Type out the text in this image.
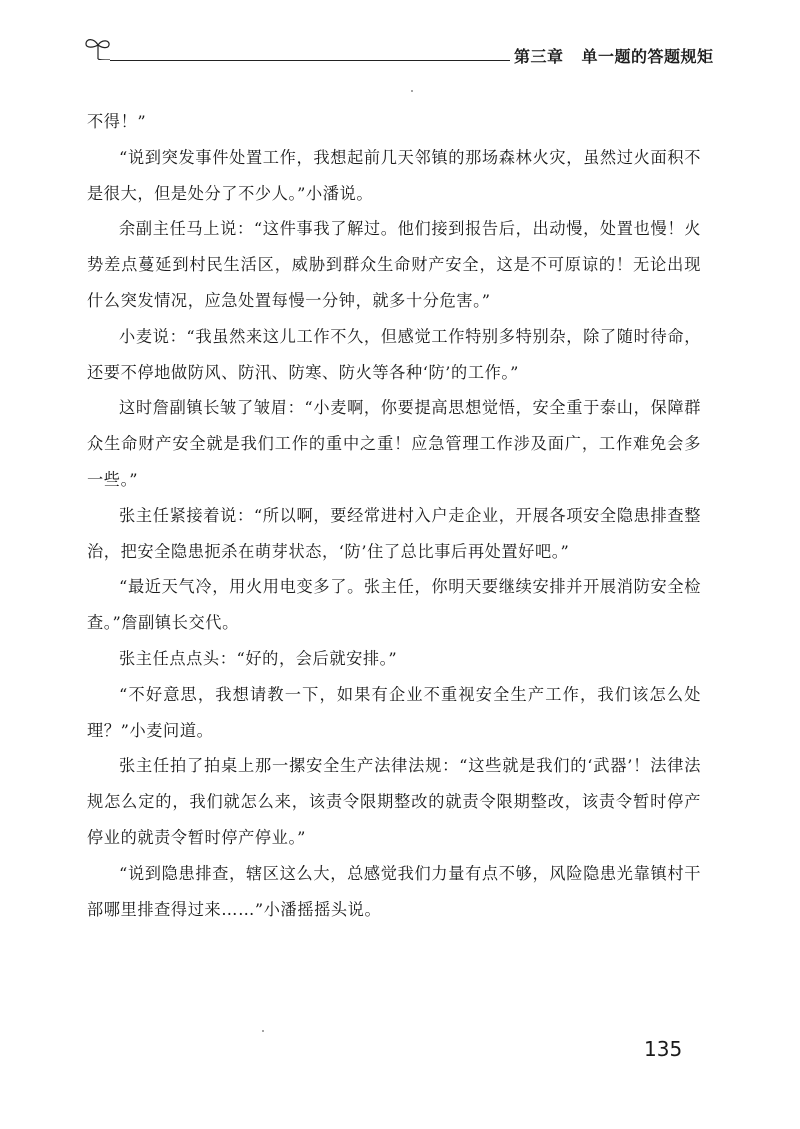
第三章 单一题的答题规矩

不得！”

“说到突发事件处置工作，我想起前几天邻镇的那场森林火灾，虽然过火面积不是很大，但是处分了不少人。”小潘说。

余副主任马上说：“这件事我了解过。他们接到报告后，出动慢，处置也慢！火势差点蔓延到村民生活区，威胁到群众生命财产安全，这是不可原谅的！无论出现什么突发情况，应急处置每慢一分钟，就多十分危害。”

小麦说：“我虽然来这儿工作不久，但感觉工作特别多特别杂，除了随时待命，还要不停地做防风、防汛、防寒、防火等各种‘防’的工作。”

这时詹副镇长皱了皱眉：“小麦啊，你要提高思想觉悟，安全重于泰山，保障群众生命财产安全就是我们工作的重中之重！应急管理工作涉及面广，工作难免会多一些。”

张主任紧接着说：“所以啊，要经常进村入户走企业，开展各项安全隐患排查整治，把安全隐患扼杀在萌芽状态，‘防’住了总比事后再处置好吧。”

“最近天气冷，用火用电变多了。张主任，你明天要继续安排并开展消防安全检查。”詹副镇长交代。

张主任点点头：“好的，会后就安排。”

“不好意思，我想请教一下，如果有企业不重视安全生产工作，我们该怎么处理？”小麦问道。

张主任拍了拍桌上那一摞安全生产法律法规：“这些就是我们的‘武器’！法律法规怎么定的，我们就怎么来，该责令限期整改的就责令限期整改，该责令暂时停产停业的就责令暂时停产停业。”

“说到隐患排查，辖区这么大，总感觉我们力量有点不够，风险隐患光靠镇村干部哪里排查得过来……”小潘摇摇头说。

135
